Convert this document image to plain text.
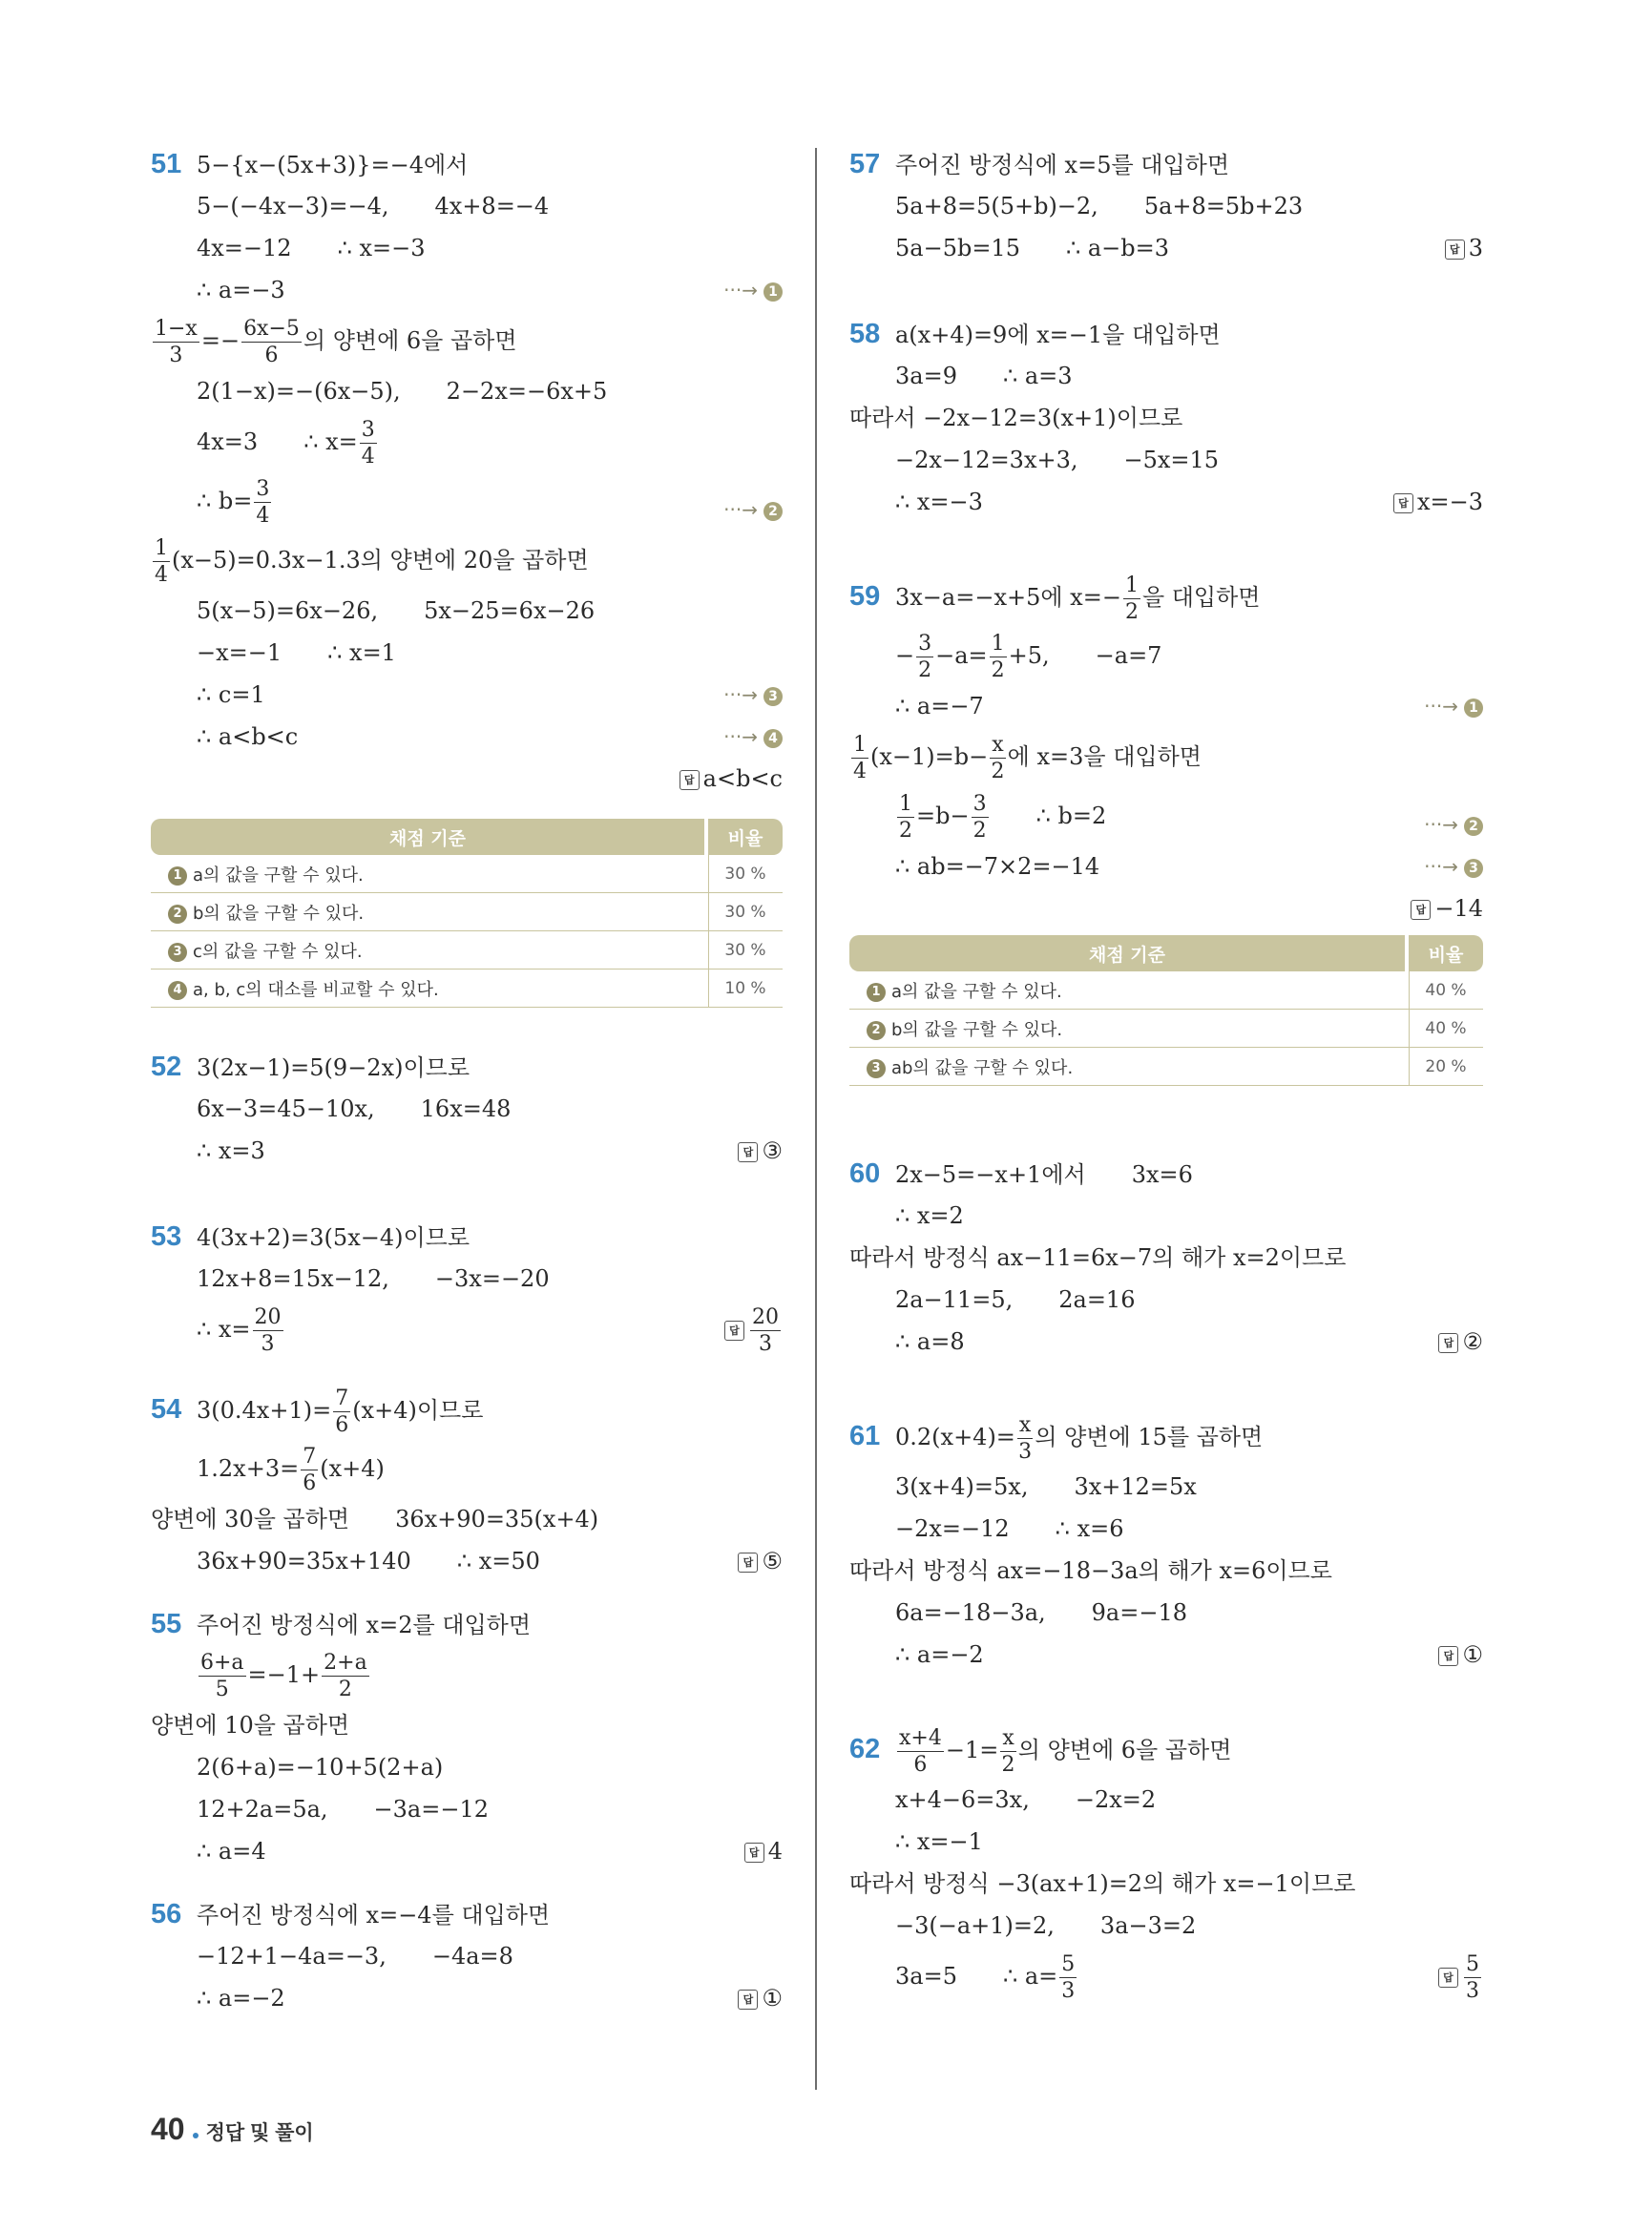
51 5−{x−(5x+3)}=−4에서
5−(−4x−3)=−4, 4x+8=−4
4x=−12 ∴ x=−3
∴ a=−3	···→ 1
$\frac{1-x}{3} =- \frac{6x-5}{6}$ 의 양변에 6을 곱하면
2(1−x)=−(6x−5), 2−2x=−6x+5
4x=3 ∴ $x= \frac{3}{4}$
∴ $b= \frac{3}{4}$	···→ 2
$\frac{1}{4} (x-5)=0.3x-1.3$의 양변에 20을 곱하면
5(x−5)=6x−26, 5x−25=6x−26
−x=−1 ∴ x=1
∴ c=1	···→ 3
∴ a<b<c	···→ 4
답 a<b<c
채점 기준	비율
1 a의 값을 구할 수 있다.	30 %
2 b의 값을 구할 수 있다.	30 %
3 c의 값을 구할 수 있다.	30 %
4 a, b, c의 대소를 비교할 수 있다.	10 %
52 3(2x−1)=5(9−2x)이므로
6x−3=45−10x, 16x=48
∴ x=3	답 ③
53 4(3x+2)=3(5x−4)이므로
12x+8=15x−12, −3x=−20
∴ $x= \frac{20}{3}$	답 $\frac{20}{3}$
54 $3(0.4x+1)= \frac{7}{6} (x+4)$이므로
$1.2x+3= \frac{7}{6} (x+4)$
양변에 30을 곱하면 36x+90=35(x+4)
36x+90=35x+140 ∴ x=50	답 ⑤
55 주어진 방정식에 x=2를 대입하면
$\frac{6+a}{5} =-1+ \frac{2+a}{2}$
양변에 10을 곱하면
2(6+a)=−10+5(2+a)
12+2a=5a, −3a=−12
∴ a=4	답 4
56 주어진 방정식에 x=−4를 대입하면
−12+1−4a=−3, −4a=8
∴ a=−2	답 ①
57 주어진 방정식에 x=5를 대입하면
5a+8=5(5+b)−2, 5a+8=5b+23
5a−5b=15 ∴ a−b=3	답 3
58 a(x+4)=9에 x=−1을 대입하면
3a=9 ∴ a=3
따라서 −2x−12=3(x+1)이므로
−2x−12=3x+3, −5x=15
∴ x=−3	답 x=−3
59 3x−a=−x+5에 $x=- \frac{1}{2}$ 을 대입하면
− $\frac{3}{2} -a= \frac{1}{2} +5$, −a=7
∴ a=−7	···→ 1
$\frac{1}{4} (x-1)=b- \frac{x}{2}$ 에 x=3을 대입하면
$\frac{1}{2} =b- \frac{3}{2}$ ∴ b=2	···→ 2
∴ ab=−7×2=−14	···→ 3
답 −14
채점 기준	비율
1 a의 값을 구할 수 있다.	40 %
2 b의 값을 구할 수 있다.	40 %
3 ab의 값을 구할 수 있다.	20 %
60 2x−5=−x+1에서 3x=6
∴ x=2
따라서 방정식 ax−11=6x−7의 해가 x=2이므로
2a−11=5, 2a=16
∴ a=8	답 ②
61 $0.2(x+4)= \frac{x}{3}$ 의 양변에 15를 곱하면
3(x+4)=5x, 3x+12=5x
−2x=−12 ∴ x=6
따라서 방정식 ax=−18−3a의 해가 x=6이므로
6a=−18−3a, 9a=−18
∴ a=−2	답 ①
$62 \frac{x+4}{6} -1= \frac{x}{2}$ 의 양변에 6을 곱하면
x+4−6=3x, −2x=2
∴ x=−1
따라서 방정식 −3(ax+1)=2의 해가 x=−1이므로
−3(−a+1)=2, 3a−3=2
3a=5 ∴ $a= \frac{5}{3}$	답 $\frac{5}{3}$
40 정답 및 풀이
